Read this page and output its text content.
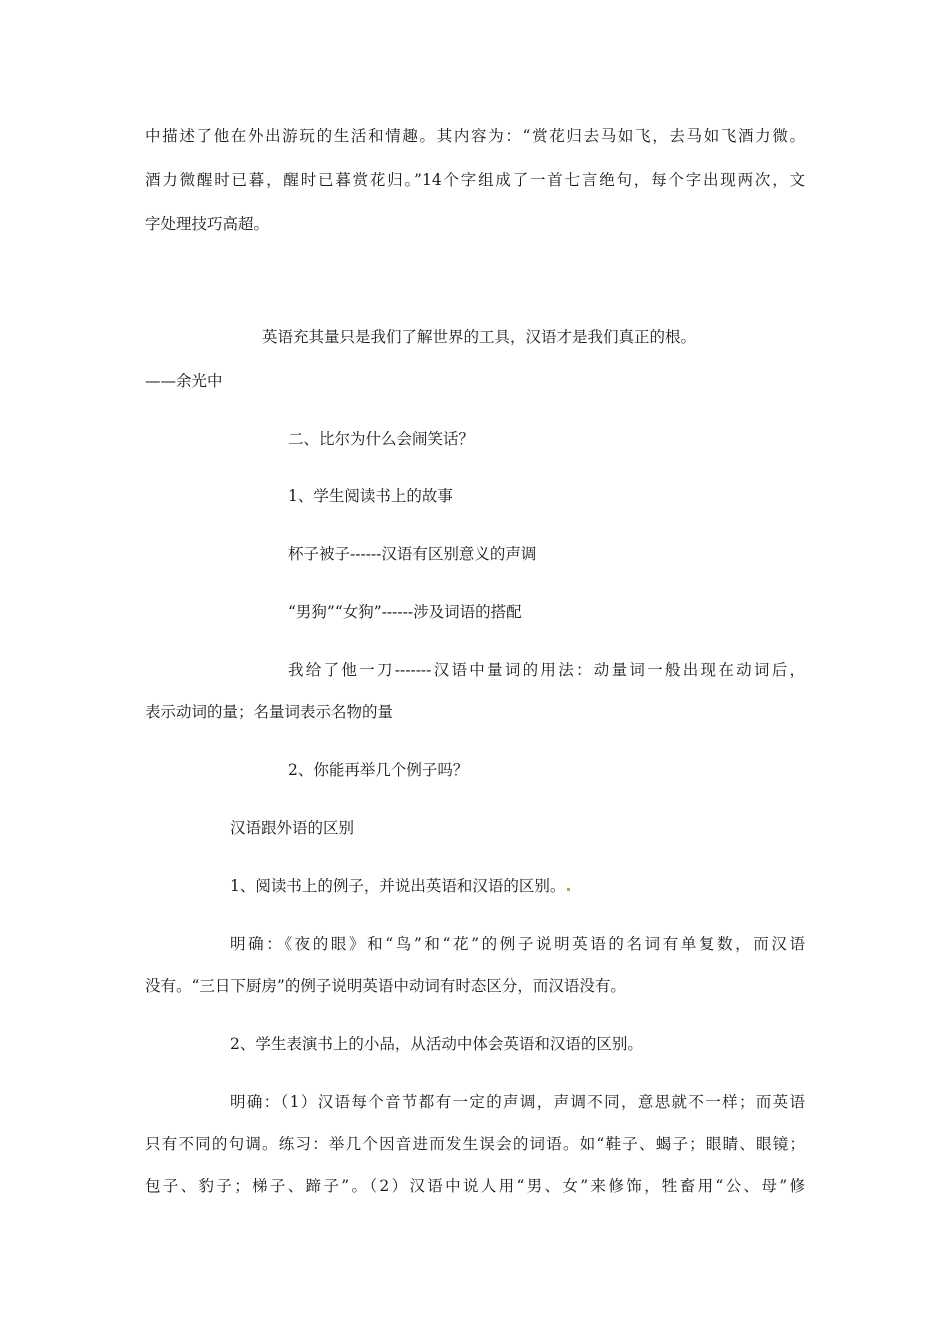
中描述了他在外出游玩的生活和情趣。其内容为：“赏花归去马如飞，去马如飞酒力微。
酒力微醒时已暮，醒时已暮赏花归。”14个字组成了一首七言绝句，每个字出现两次，文
字处理技巧高超。
英语充其量只是我们了解世界的工具，汉语才是我们真正的根。
——余光中
二、比尔为什么会闹笑话？
1、学生阅读书上的故事
杯子被子------汉语有区别意义的声调
“男狗”“女狗”------涉及词语的搭配
我给了他一刀-------汉语中量词的用法：动量词一般出现在动词后，
表示动词的量；名量词表示名物的量
2、你能再举几个例子吗？
汉语跟外语的区别
1、阅读书上的例子，并说出英语和汉语的区别。
明确：《夜的眼》和“鸟”和“花”的例子说明英语的名词有单复数，而汉语
没有。“三日下厨房”的例子说明英语中动词有时态区分，而汉语没有。
2、学生表演书上的小品，从活动中体会英语和汉语的区别。
明确：（1）汉语每个音节都有一定的声调，声调不同，意思就不一样；而英语
只有不同的句调。练习：举几个因音进而发生误会的词语。如“鞋子、蝎子；眼睛、眼镜；
包子、豹子；梯子、蹄子”。（2）汉语中说人用“男、女”来修饰，牲畜用“公、母”修
